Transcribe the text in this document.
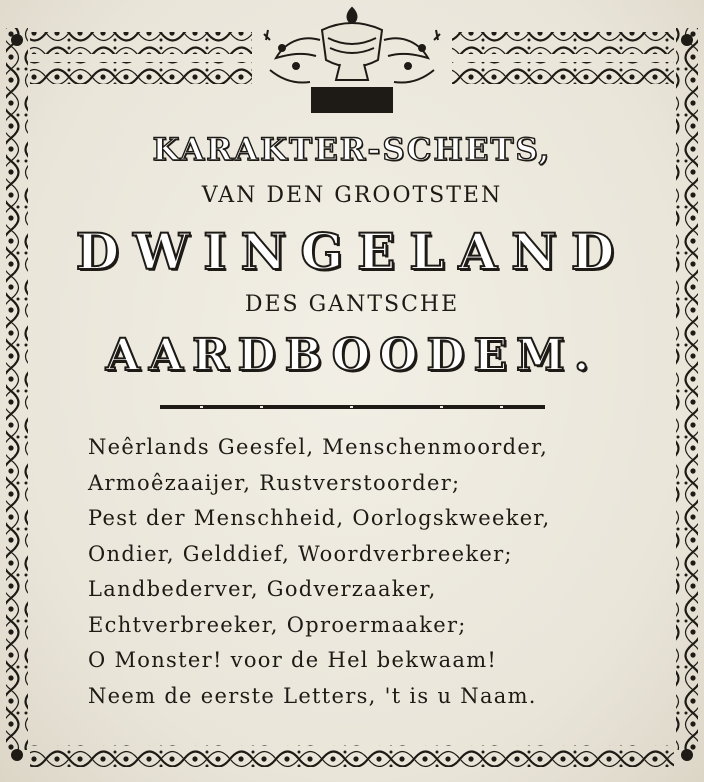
KARAKTER-SCHETS,
VAN DEN GROOTSTEN
DWINGELAND
DES GANTSCHE
AARDBOODEM.
Neêrlands Geesfel, Menschenmoorder,
Armoêzaaijer, Rustverstoorder;
Pest der Menschheid, Oorlogskweeker,
Ondier, Gelddief, Woordverbreeker;
Landbederver, Godverzaaker,
Echtverbreeker, Oproermaaker;
O Monster! voor de Hel bekwaam!
Neem de eerste Letters, 't is u Naam.
